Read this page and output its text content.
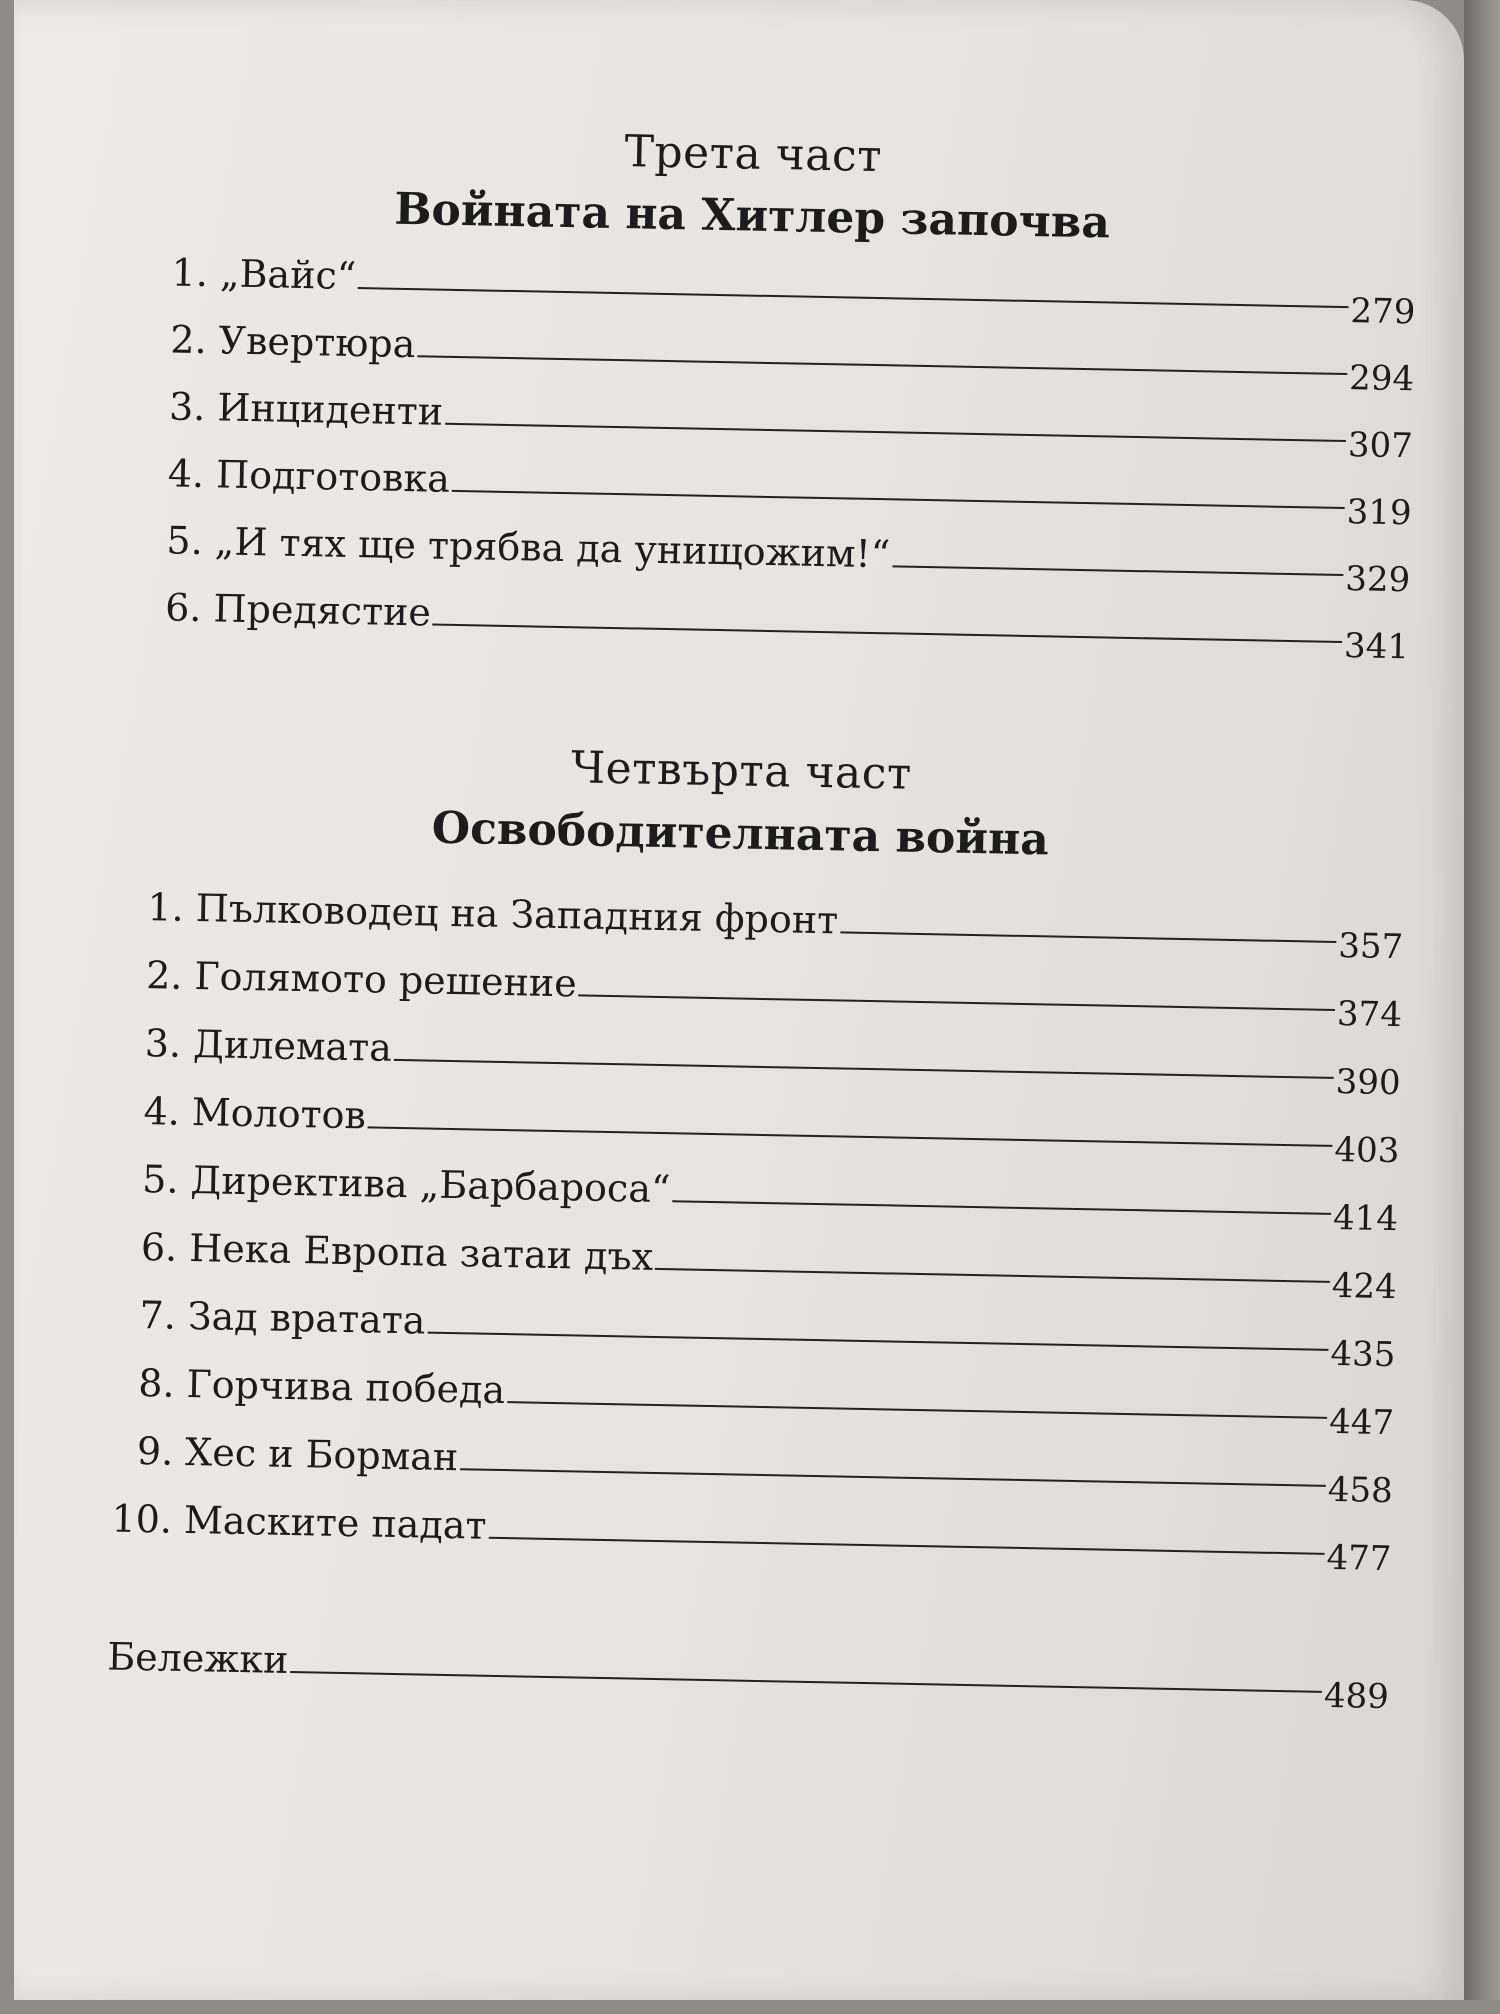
Трета част
Войната на Хитлер започва
1. „Вайс“
279
2. Увертюра
294
3. Инциденти
307
4. Подготовка
319
5. „И тях ще трябва да унищожим!“
329
6. Предястие
341
Четвърта част
Освободителната война
1. Пълководец на Западния фронт
357
2. Голямото решение
374
3. Дилемата
390
4. Молотов
403
5. Директива „Барбароса“
414
6. Нека Европа затаи дъх
424
7. Зад вратата
435
8. Горчива победа
447
9. Хес и Борман
458
10. Маските падат
477
Бележки
489
